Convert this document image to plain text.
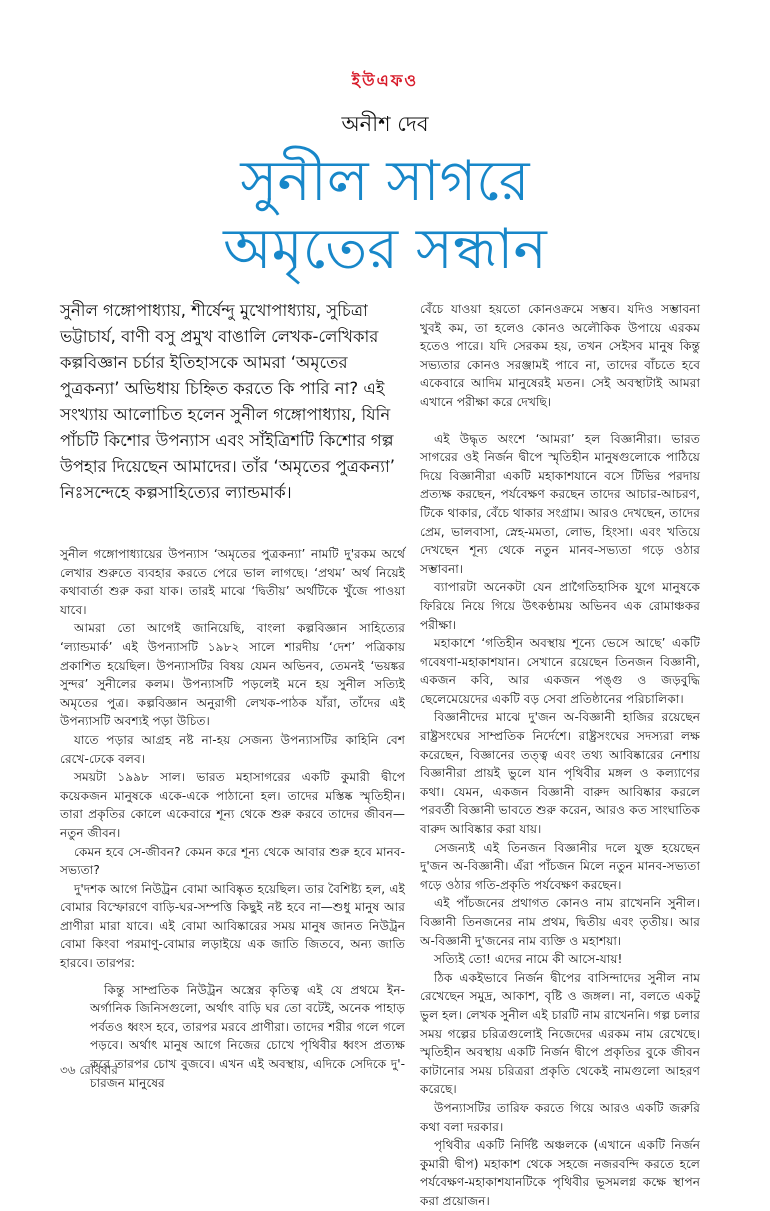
ইউএফও
অনীশ দেব
সুনীল সাগরে
অমৃতের সন্ধান

সুনীল গঙ্গোপাধ্যায়, শীর্ষেন্দু মুখোপাধ্যায়, সুচিত্রা ভট্টাচার্য, বাণী বসু প্রমুখ বাঙালি লেখক-লেখিকার কল্পবিজ্ঞান চর্চার ইতিহাসকে আমরা ‘অমৃতের পুত্রকন্যা’ অভিধায় চিহ্নিত করতে কি পারি না? এই সংখ্যায় আলোচিত হলেন সুনীল গঙ্গোপাধ্যায়, যিনি পাঁচটি কিশোর উপন্যাস এবং সাঁইত্রিশটি কিশোর গল্প উপহার দিয়েছেন আমাদের। তাঁর ‘অমৃতের পুত্রকন্যা’ নিঃসন্দেহে কল্পসাহিত্যের ল্যান্ডমার্ক।

সুনীল গঙ্গোপাধ্যায়ের উপন্যাস ‘অমৃতের পুত্রকন্যা’ নামটি দু'রকম অর্থে লেখার শুরুতে ব্যবহার করতে পেরে ভাল লাগছে। ‘প্রথম’ অর্থ নিয়েই কথাবার্তা শুরু করা যাক। তারই মাঝে ‘দ্বিতীয়’ অর্থটিকে খুঁজে পাওয়া যাবে।

আমরা তো আগেই জানিয়েছি, বাংলা কল্পবিজ্ঞান সাহিত্যের ‘ল্যান্ডমার্ক’ এই উপন্যাসটি ১৯৮২ সালে শারদীয় ‘দেশ’ পত্রিকায় প্রকাশিত হয়েছিল। উপন্যাসটির বিষয় যেমন অভিনব, তেমনই ‘ভয়ঙ্কর সুন্দর’ সুনীলের কলম। উপন্যাসটি পড়লেই মনে হয় সুনীল সত্যিই অমৃতের পুত্র। কল্পবিজ্ঞান অনুরাগী লেখক-পাঠক যাঁরা, তাঁদের এই উপন্যাসটি অবশ্যই পড়া উচিত।

যাতে পড়ার আগ্রহ নষ্ট না-হয় সেজন্য উপন্যাসটির কাহিনি বেশ রেখে-ঢেকে বলব।

সময়টা ১৯৯৮ সাল। ভারত মহাসাগরের একটি কুমারী দ্বীপে কয়েকজন মানুষকে একে-একে পাঠানো হল। তাদের মস্তিষ্ক স্মৃতিহীন। তারা প্রকৃতির কোলে একেবারে শূন্য থেকে শুরু করবে তাদের জীবন—নতুন জীবন।

কেমন হবে সে-জীবন? কেমন করে শূন্য থেকে আবার শুরু হবে মানব-সভ্যতা?

দু'দশক আগে নিউট্রন বোমা আবিষ্কৃত হয়েছিল। তার বৈশিষ্ট্য হল, এই বোমার বিস্ফোরণে বাড়ি-ঘর-সম্পত্তি কিছুই নষ্ট হবে না—শুধু মানুষ আর প্রাণীরা মারা যাবে। এই বোমা আবিষ্কারের সময় মানুষ জানত নিউট্রন বোমা কিংবা পরমাণু-বোমার লড়াইয়ে এক জাতি জিতবে, অন্য জাতি হারবে। তারপর:

কিন্তু সাম্প্রতিক নিউট্রন অস্ত্রের কৃতিত্ব এই যে প্রথমে ইন-অর্গানিক জিনিসগুলো, অর্থাৎ বাড়ি ঘর তো বটেই, অনেক পাহাড় পর্বতও ধ্বংস হবে, তারপর মরবে প্রাণীরা। তাদের শরীর গলে গলে পড়বে। অর্থাৎ মানুষ আগে নিজের চোখে পৃথিবীর ধ্বংস প্রত্যক্ষ করে তারপর চোখ বুজবে। এখন এই অবস্থায়, এদিকে সেদিকে দু'-চারজন মানুষের

বেঁচে যাওয়া হয়তো কোনওক্রমে সম্ভব। যদিও সম্ভাবনা খুবই কম, তা হলেও কোনও অলৌকিক উপায়ে এরকম হতেও পারে। যদি সেরকম হয়, তখন সেইসব মানুষ কিন্তু সভ্যতার কোনও সরঞ্জামই পাবে না, তাদের বাঁচতে হবে একেবারে আদিম মানুষেরই মতন। সেই অবস্থাটাই আমরা এখানে পরীক্ষা করে দেখছি।

এই উদ্ধৃত অংশে ‘আমরা’ হল বিজ্ঞানীরা। ভারত সাগরের ওই নির্জন দ্বীপে স্মৃতিহীন মানুষগুলোকে পাঠিয়ে দিয়ে বিজ্ঞানীরা একটি মহাকাশযানে বসে টিভির পরদায় প্রত্যক্ষ করছেন, পর্যবেক্ষণ করছেন তাদের আচার-আচরণ, টিকে থাকার, বেঁচে থাকার সংগ্রাম। আরও দেখছেন, তাদের প্রেম, ভালবাসা, স্নেহ-মমতা, লোভ, হিংসা। এবং খতিয়ে দেখছেন শূন্য থেকে নতুন মানব-সভ্যতা গড়ে ওঠার সম্ভাবনা।

ব্যাপারটা অনেকটা যেন প্রাগৈতিহাসিক যুগে মানুষকে ফিরিয়ে নিয়ে গিয়ে উৎকণ্ঠাময় অভিনব এক রোমাঞ্চকর পরীক্ষা।

মহাকাশে ‘গতিহীন অবস্থায় শূন্যে ভেসে আছে’ একটি গবেষণা-মহাকাশযান। সেখানে রয়েছেন তিনজন বিজ্ঞানী, একজন কবি, আর একজন পঙ্গু ও জড়বুদ্ধি ছেলেমেয়েদের একটি বড় সেবা প্রতিষ্ঠানের পরিচালিকা।

বিজ্ঞানীদের মাঝে দু'জন অ-বিজ্ঞানী হাজির রয়েছেন রাষ্ট্রসংঘের সাম্প্রতিক নির্দেশে। রাষ্ট্রসংঘের সদস্যরা লক্ষ করেছেন, বিজ্ঞানের তত্ত্ব এবং তথ্য আবিষ্কারের নেশায় বিজ্ঞানীরা প্রায়ই ভুলে যান পৃথিবীর মঙ্গল ও কল্যাণের কথা। যেমন, একজন বিজ্ঞানী বারুদ আবিষ্কার করলে পরবর্তী বিজ্ঞানী ভাবতে শুরু করেন, আরও কত সাংঘাতিক বারুদ আবিষ্কার করা যায়।

সেজন্যই এই তিনজন বিজ্ঞানীর দলে যুক্ত হয়েছেন দু'জন অ-বিজ্ঞানী। এঁরা পাঁচজন মিলে নতুন মানব-সভ্যতা গড়ে ওঠার গতি-প্রকৃতি পর্যবেক্ষণ করছেন।

এই পাঁচজনের প্রথাগত কোনও নাম রাখেননি সুনীল। বিজ্ঞানী তিনজনের নাম প্রথম, দ্বিতীয় এবং তৃতীয়। আর অ-বিজ্ঞানী দু'জনের নাম ব্যক্তি ও মহাশয়া।

সত্যিই তো! এদের নামে কী আসে-যায়!

ঠিক একইভাবে নির্জন দ্বীপের বাসিন্দাদের সুনীল নাম রেখেছেন সমুদ্র, আকাশ, বৃষ্টি ও জঙ্গল। না, বলতে একটু ভুল হল। লেখক সুনীল এই চারটি নাম রাখেননি। গল্প চলার সময় গল্পের চরিত্রগুলোই নিজেদের এরকম নাম রেখেছে। স্মৃতিহীন অবস্থায় একটি নির্জন দ্বীপে প্রকৃতির বুকে জীবন কাটানোর সময় চরিত্ররা প্রকৃতি থেকেই নামগুলো আহরণ করেছে।

উপন্যাসটির তারিফ করতে গিয়ে আরও একটি জরুরি কথা বলা দরকার।

পৃথিবীর একটি নির্দিষ্ট অঞ্চলকে (এখানে একটি নির্জন কুমারী দ্বীপ) মহাকাশ থেকে সহজে নজরবন্দি করতে হলে পর্যবেক্ষণ-মহাকাশযানটিকে পৃথিবীর ভূসমলগ্ন কক্ষে স্থাপন করা প্রয়োজন।

৩৬ রোববার
